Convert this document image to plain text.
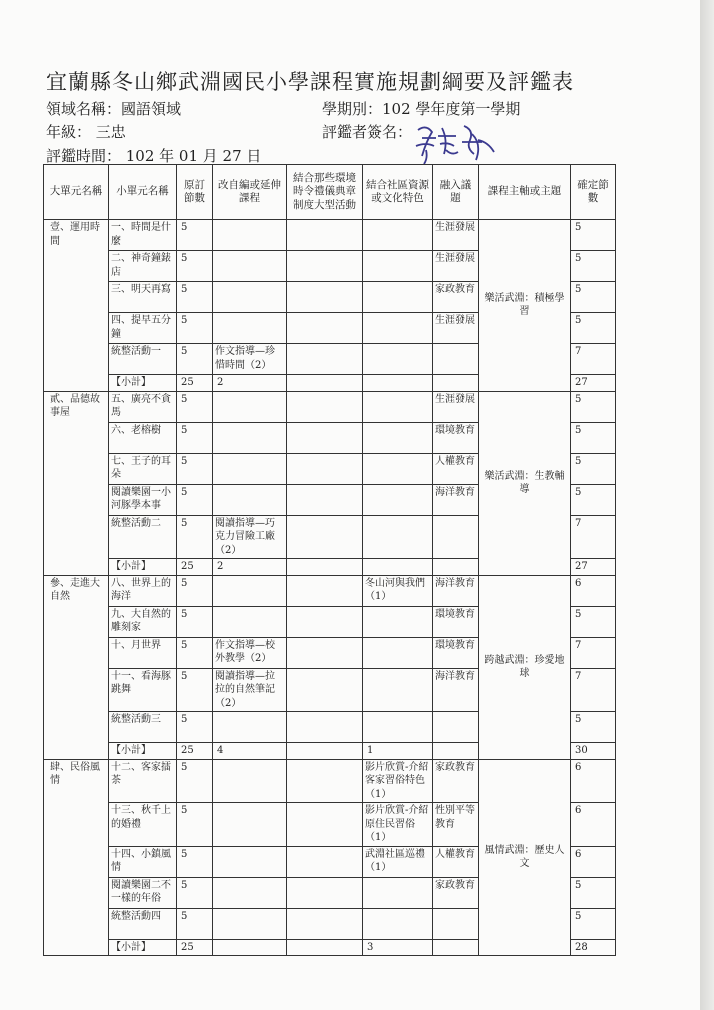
宜蘭縣冬山鄉武淵國民小學課程實施規劃綱要及評鑑表
領域名稱：國語領域	學期別：102 學年度第一學期
年級： 三忠	評鑑者簽名：
評鑑時間： 102 年 01 月 27 日
大單元名稱	小單元名稱	原訂節數	改自編或延伸課程	結合那些環境時令禮儀典章制度大型活動	結合社區資源或文化特色	融入議題	課程主軸或主題	確定節數
壹、運用時間	一、時間是什麼	5				生涯發展	樂活武淵：積極學習	5
	二、神奇鐘錶店	5				生涯發展		5
	三、明天再寫	5				家政教育		5
	四、提早五分鐘	5				生涯發展		5
	統整活動一	5	作文指導—珍惜時間（2）					7
	【小計】	25	2					27
貳、品德故事屋	五、廣亮不貪馬	5				生涯發展	樂活武淵：生教輔導	5
	六、老榕樹	5				環境教育		5
	七、王子的耳朵	5				人權教育		5
	閱讀樂園一小河豚學本事	5				海洋教育		5
	統整活動二	5	閱讀指導—巧克力冒險工廠（2）					7
	【小計】	25	2					27
參、走進大自然	八、世界上的海洋	5			冬山河與我們（1）	海洋教育	跨越武淵：珍愛地球	6
	九、大自然的雕刻家	5				環境教育		5
	十、月世界	5	作文指導—校外教學（2）			環境教育		7
	十一、看海豚跳舞	5	閱讀指導—拉拉的自然筆記（2）			海洋教育		7
	統整活動三	5						5
	【小計】	25	4		1			30
肆、民俗風情	十二、客家擂茶	5			影片欣賞-介紹客家習俗特色（1）	家政教育	風情武淵：歷史人文	6
	十三、秋千上的婚禮	5			影片欣賞-介紹原住民習俗（1）	性別平等教育		6
	十四、小鎮風情	5			武淵社區巡禮（1）	人權教育		6
	閱讀樂園二不一樣的年俗	5				家政教育		5
	統整活動四	5						5
	【小計】	25			3			28
